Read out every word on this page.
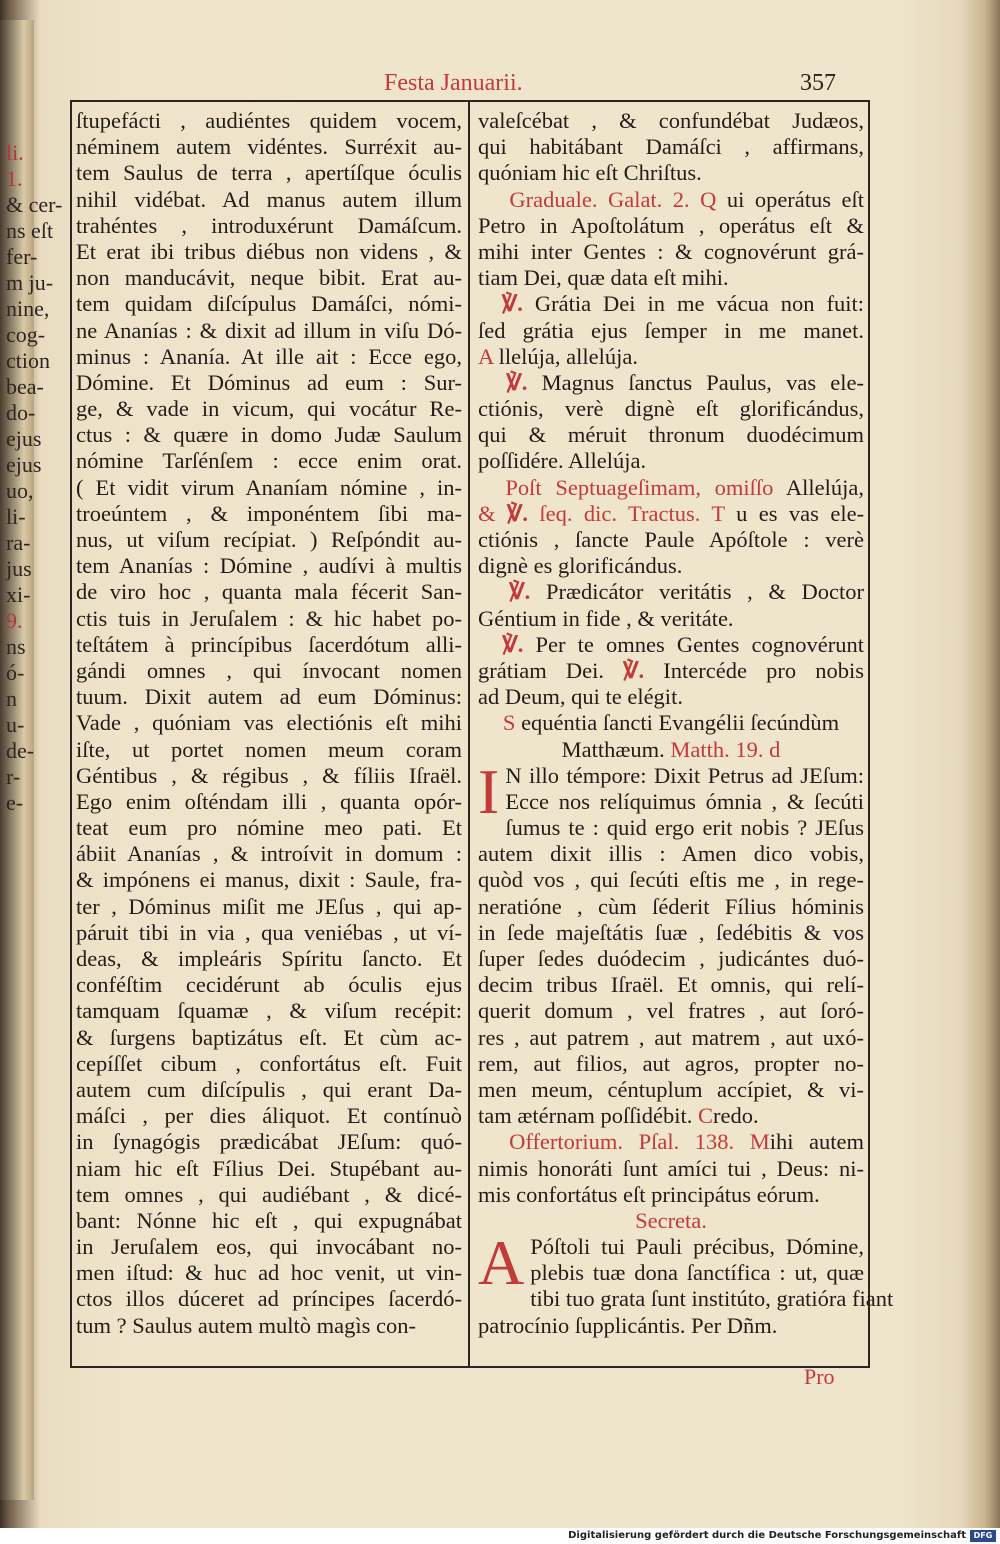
li.
1.
& cer-
ns eſt
fer-
m ju-
nine,
cog-
ction
bea-
do-
ejus
ejus
uo,
li-
ra-
jus
xi-
9.
ns
ó-
n
u-
de-
r-
e-
Festa Januarii.	357
ſtupefácti , audiéntes quidem vocem,
néminem autem vidéntes. Surréxit au-
tem Saulus de terra , apertíſque óculis
nihil vidébat. Ad manus autem illum
trahéntes , introduxérunt Damáſcum.
Et erat ibi tribus diébus non videns , &
non manducávit, neque bibit. Erat au-
tem quidam diſcípulus Damáſci, nómi-
ne Ananías : & dixit ad illum in viſu Dó-
minus : Ananía. At ille ait : Ecce ego,
Dómine. Et Dóminus ad eum : Sur-
ge, & vade in vicum, qui vocátur Re-
ctus : & quære in domo Judæ Saulum
nómine Tarſénſem : ecce enim orat.
( Et vidit virum Ananíam nómine , in-
troeúntem , & imponéntem ſibi ma-
nus, ut viſum recípiat. ) Reſpóndit au-
tem Ananías : Dómine , audívi à multis
de viro hoc , quanta mala fécerit San-
ctis tuis in Jeruſalem : & hic habet po-
teſtátem à princípibus ſacerdótum alli-
gándi omnes , qui ínvocant nomen
tuum. Dixit autem ad eum Dóminus:
Vade , quóniam vas electiónis eſt mihi
iſte, ut portet nomen meum coram
Géntibus , & régibus , & fíliis Iſraël.
Ego enim oſténdam illi , quanta opór-
teat eum pro nómine meo pati. Et
ábiit Ananías , & introívit in domum :
& impónens ei manus, dixit : Saule, fra-
ter , Dóminus miſit me JEſus , qui ap-
páruit tibi in via , qua veniébas , ut ví-
deas, & impleáris Spíritu ſancto. Et
conféſtim cecidérunt ab óculis ejus
tamquam ſquamæ , & viſum recépit:
& ſurgens baptizátus eſt. Et cùm ac-
cepíſſet cibum , confortátus eſt. Fuit
autem cum diſcípulis , qui erant Da-
máſci , per dies áliquot. Et contínuò
in ſynagógis prædicábat JEſum: quó-
niam hic eſt Fílius Dei. Stupébant au-
tem omnes , qui audiébant , & dicé-
bant: Nónne hic eſt , qui expugnábat
in Jeruſalem eos, qui invocábant no-
men iſtud: & huc ad hoc venit, ut vin-
ctos illos dúceret ad príncipes ſacerdó-
tum ? Saulus autem multò magìs con-
valeſcébat , & confundébat Judæos,
qui habitábant Damáſci , affirmans,
quóniam hic eſt Chriſtus.
Graduale. Galat. 2. Q ui operátus eſt
Petro in Apoſtolátum , operátus eſt &
mihi inter Gentes : & cognovérunt grá-
tiam Dei, quæ data eſt mihi.
℣. Grátia Dei in me vácua non fuit:
ſed grátia ejus ſemper in me manet.
A llelúja, allelúja.
℣. Magnus ſanctus Paulus, vas ele-
ctiónis, verè dignè eſt glorificándus,
qui & méruit thronum duodécimum
poſſidére. Allelúja.
Poſt Septuageſimam, omiſſo Allelúja,
& ℣. ſeq. dic. Tractus. T u es vas ele-
ctiónis , ſancte Paule Apóſtole : verè
dignè es glorificándus.
℣. Prædicátor veritátis , & Doctor
Géntium in fide , & veritáte.
℣. Per te omnes Gentes cognovérunt
grátiam Dei. ℣. Intercéde pro nobis
ad Deum, qui te elégit.
S equéntia ſancti Evangélii ſecúndùm
Matthæum. Matth. 19. d
I N illo témpore: Dixit Petrus ad JEſum:
Ecce nos relíquimus ómnia , & ſecúti
ſumus te : quid ergo erit nobis ? JEſus
autem dixit illis : Amen dico vobis,
quòd vos , qui ſecúti eſtis me , in rege-
neratióne , cùm ſéderit Fílius hóminis
in ſede majeſtátis ſuæ , ſedébitis & vos
ſuper ſedes duódecim , judicántes duó-
decim tribus Iſraël. Et omnis, qui relí-
querit domum , vel fratres , aut ſoró-
res , aut patrem , aut matrem , aut uxó-
rem, aut filios, aut agros, propter no-
men meum, céntuplum accípiet, & vi-
tam ætérnam poſſidébit. Credo.
Offertorium. Pſal. 138. Mihi autem
nimis honoráti ſunt amíci tui , Deus: ni-
mis confortátus eſt principátus eórum.
Secreta.
A Póſtoli tui Pauli précibus, Dómine,
plebis tuæ dona ſanctífica : ut, quæ
tibi tuo grata ſunt institúto, gratióra fiant
patrocínio ſupplicántis. Per Dñm.
Pro
Digitalisierung gefördert durch die Deutsche Forschungsgemeinschaft DFG
